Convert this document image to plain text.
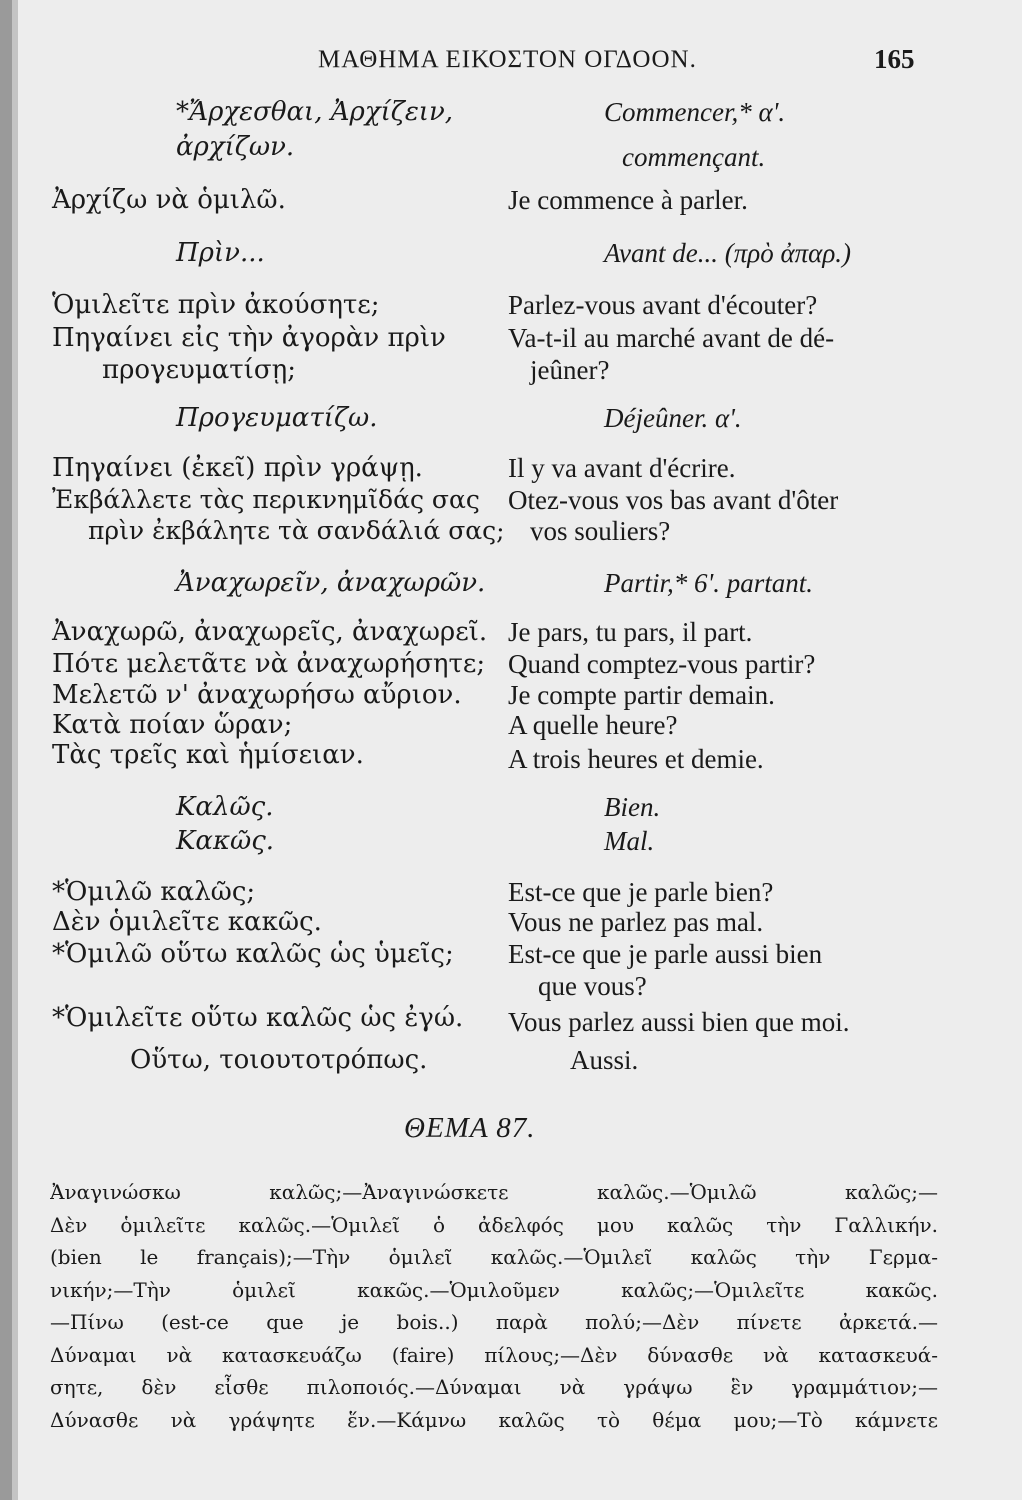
ΜΑΘΗΜΑ ΕΙΚΟΣΤΟΝ ΟΓΔΟΟΝ.	165
*Ἄρχεσθαι, Ἀρχίζειν,
ἀρχίζων.
Ἀρχίζω νὰ ὁμιλῶ.
Πρὶν...
Ὁμιλεῖτε πρὶν ἀκούσητε;
Πηγαίνει εἰς τὴν ἀγορὰν πρὶν
προγευματίσῃ;
Προγευματίζω.
Πηγαίνει (ἐκεῖ) πρὶν γράψῃ.
Ἐκβάλλετε τὰς περικνημῖδάς σας
πρὶν ἐκβάλητε τὰ σανδάλιά σας;
Ἀναχωρεῖν, ἀναχωρῶν.
Ἀναχωρῶ, ἀναχωρεῖς, ἀναχωρεῖ.
Πότε μελετᾶτε νὰ ἀναχωρήσητε;
Μελετῶ ν' ἀναχωρήσω αὔριον.
Κατὰ ποίαν ὥραν;
Τὰς τρεῖς καὶ ἡμίσειαν.
Καλῶς.
Κακῶς.
*Ὁμιλῶ καλῶς;
Δὲν ὁμιλεῖτε κακῶς.
*Ὁμιλῶ οὕτω καλῶς ὡς ὑμεῖς;
*Ὁμιλεῖτε οὕτω καλῶς ὡς ἐγώ.
Οὕτω, τοιουτοτρόπως.
Commencer,* α'.
commençant.
Je commence à parler.
Avant de... (πρὸ ἀπαρ.)
Parlez-vous avant d'écouter?
Va-t-il au marché avant de dé-
jeûner?
Déjeûner. α'.
Il y va avant d'écrire.
Otez-vous vos bas avant d'ôter
vos souliers?
Partir,* 6'. partant.
Je pars, tu pars, il part.
Quand comptez-vous partir?
Je compte partir demain.
A quelle heure?
A trois heures et demie.
Bien.
Mal.
Est-ce que je parle bien?
Vous ne parlez pas mal.
Est-ce que je parle aussi bien
que vous?
Vous parlez aussi bien que moi.
Aussi.
ΘΕΜΑ 87.
Ἀναγινώσκω καλῶς;—Ἀναγινώσκετε καλῶς.—Ὁμιλῶ καλῶς;—
Δὲν ὁμιλεῖτε καλῶς.—Ὁμιλεῖ ὁ ἀδελφός μου καλῶς τὴν Γαλλικήν.
(bien le français);—Τὴν ὁμιλεῖ καλῶς.—Ὁμιλεῖ καλῶς τὴν Γερμα-
νικήν;—Τὴν ὁμιλεῖ κακῶς.—Ὁμιλοῦμεν καλῶς;—Ὁμιλεῖτε κακῶς.
—Πίνω (est-ce que je bois..) παρὰ πολύ;—Δὲν πίνετε ἀρκετά.—
Δύναμαι νὰ κατασκευάζω (faire) πίλους;—Δὲν δύνασθε νὰ κατασκευά-
σητε, δὲν εἶσθε πιλοποιός.—Δύναμαι νὰ γράψω ἓν γραμμάτιον;—
Δύνασθε νὰ γράψητε ἕν.—Κάμνω καλῶς τὸ θέμα μου;—Τὸ κάμνετε
